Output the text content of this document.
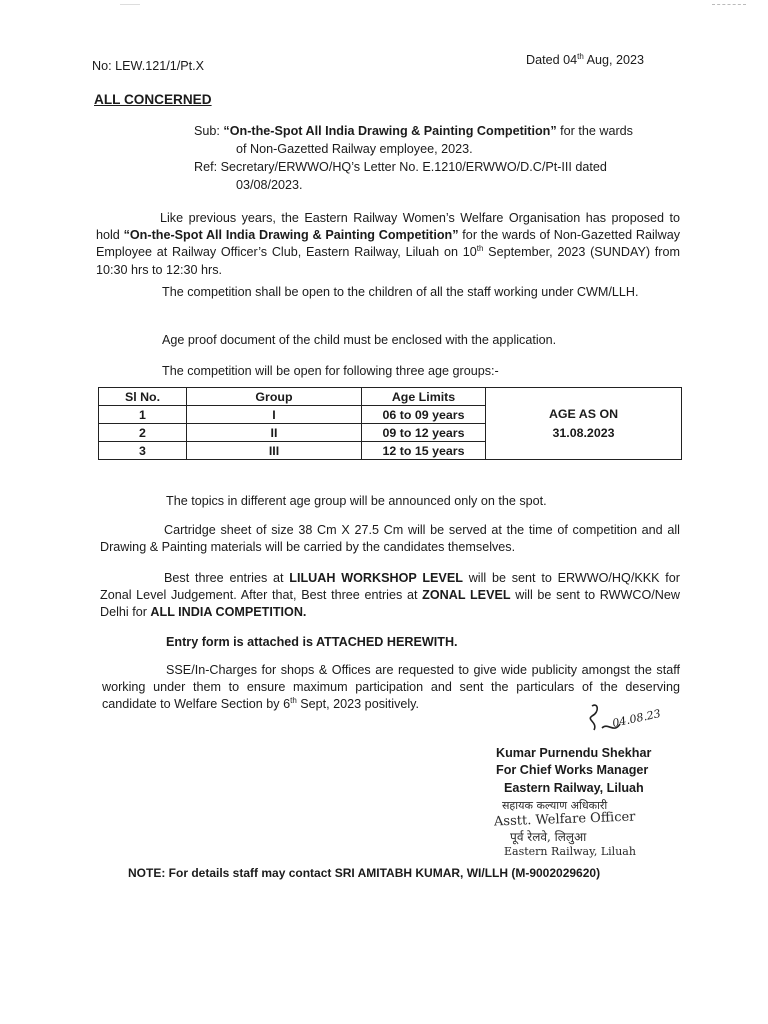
No: LEW.121/1/Pt.X	Dated 04th Aug, 2023
ALL CONCERNED
Sub: “On-the-Spot All India Drawing & Painting Competition” for the wards
of Non-Gazetted Railway employee, 2023.
Ref: Secretary/ERWWO/HQ’s Letter No. E.1210/ERWWO/D.C/Pt-III dated
03/08/2023.
Like previous years, the Eastern Railway Women’s Welfare Organisation has proposed to hold “On-the-Spot All India Drawing & Painting Competition” for the wards of Non-Gazetted Railway Employee at Railway Officer’s Club, Eastern Railway, Liluah on 10th September, 2023 (SUNDAY) from 10:30 hrs to 12:30 hrs.
The competition shall be open to the children of all the staff working under CWM/LLH.
Age proof document of the child must be enclosed with the application.
The competition will be open for following three age groups:-
Sl No.	Group	Age Limits	AGE AS ON
31.08.2023

1	I	06 to 09 years	
2	II	09 to 12 years	
3	III	12 to 15 years	
The topics in different age group will be announced only on the spot.
Cartridge sheet of size 38 Cm X 27.5 Cm will be served at the time of competition and all Drawing & Painting materials will be carried by the candidates themselves.
Best three entries at LILUAH WORKSHOP LEVEL will be sent to ERWWO/HQ/KKK for Zonal Level Judgement. After that, Best three entries at ZONAL LEVEL will be sent to RWWCO/New Delhi for ALL INDIA COMPETITION.
Entry form is attached is ATTACHED HEREWITH.
SSE/In-Charges for shops & Offices are requested to give wide publicity amongst the staff working under them to ensure maximum participation and sent the particulars of the deserving candidate to Welfare Section by 6th Sept, 2023 positively.
04.08.23
Kumar Purnendu Shekhar
For Chief Works Manager
Eastern Railway, Liluah
सहायक कल्याण अधिकारी
Asstt. Welfare Officer
पूर्व रेलवे, लिलुआ
Eastern Railway, Liluah
NOTE: For details staff may contact SRI AMITABH KUMAR, WI/LLH (M-9002029620)
